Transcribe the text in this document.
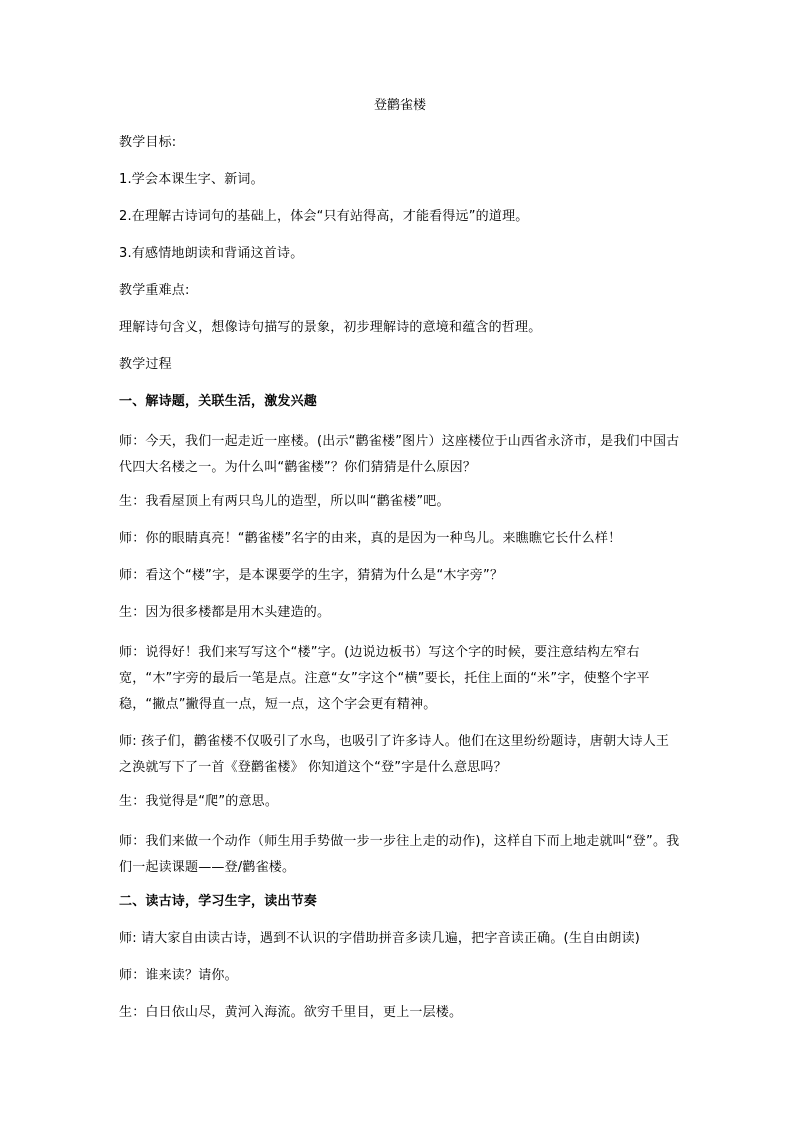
登鹳雀楼
教学目标:
1.学会本课生字、新词。
2.在理解古诗词句的基础上，体会“只有站得高，才能看得远”的道理。
3.有感情地朗读和背诵这首诗。
教学重难点:
理解诗句含义，想像诗句描写的景象，初步理解诗的意境和蕴含的哲理。
教学过程
一、解诗题，关联生活，激发兴趣
师：今天，我们一起走近一座楼。(出示“鹳雀楼”图片）这座楼位于山西省永济市，是我们中国古代四大名楼之一。为什么叫“鹳雀楼”？你们猜猜是什么原因？
生：我看屋顶上有两只鸟儿的造型，所以叫“鹳雀楼”吧。
师：你的眼睛真亮！“鹳雀楼”名字的由来，真的是因为一种鸟儿。来瞧瞧它长什么样！
师：看这个“楼”字，是本课要学的生字，猜猜为什么是“木字旁”？
生：因为很多楼都是用木头建造的。
师：说得好！我们来写写这个“楼”字。(边说边板书）写这个字的时候，要注意结构左窄右宽，“木”字旁的最后一笔是点。注意“女”字这个“横”要长，托住上面的“米”字，使整个字平稳，“撇点”撇得直一点，短一点，这个字会更有精神。
师: 孩子们，鹳雀楼不仅吸引了水鸟，也吸引了许多诗人。他们在这里纷纷题诗，唐朝大诗人王之涣就写下了一首《登鹳雀楼》 你知道这个“登”字是什么意思吗？
生：我觉得是“爬”的意思。
师：我们来做一个动作（师生用手势做一步一步往上走的动作)，这样自下而上地走就叫“登”。我们一起读课题——登/鹳雀楼。
二、读古诗，学习生字，读出节奏
师: 请大家自由读古诗，遇到不认识的字借助拼音多读几遍，把字音读正确。(生自由朗读)
师：谁来读？请你。
生：白日依山尽，黄河入海流。欲穷千里目，更上一层楼。
